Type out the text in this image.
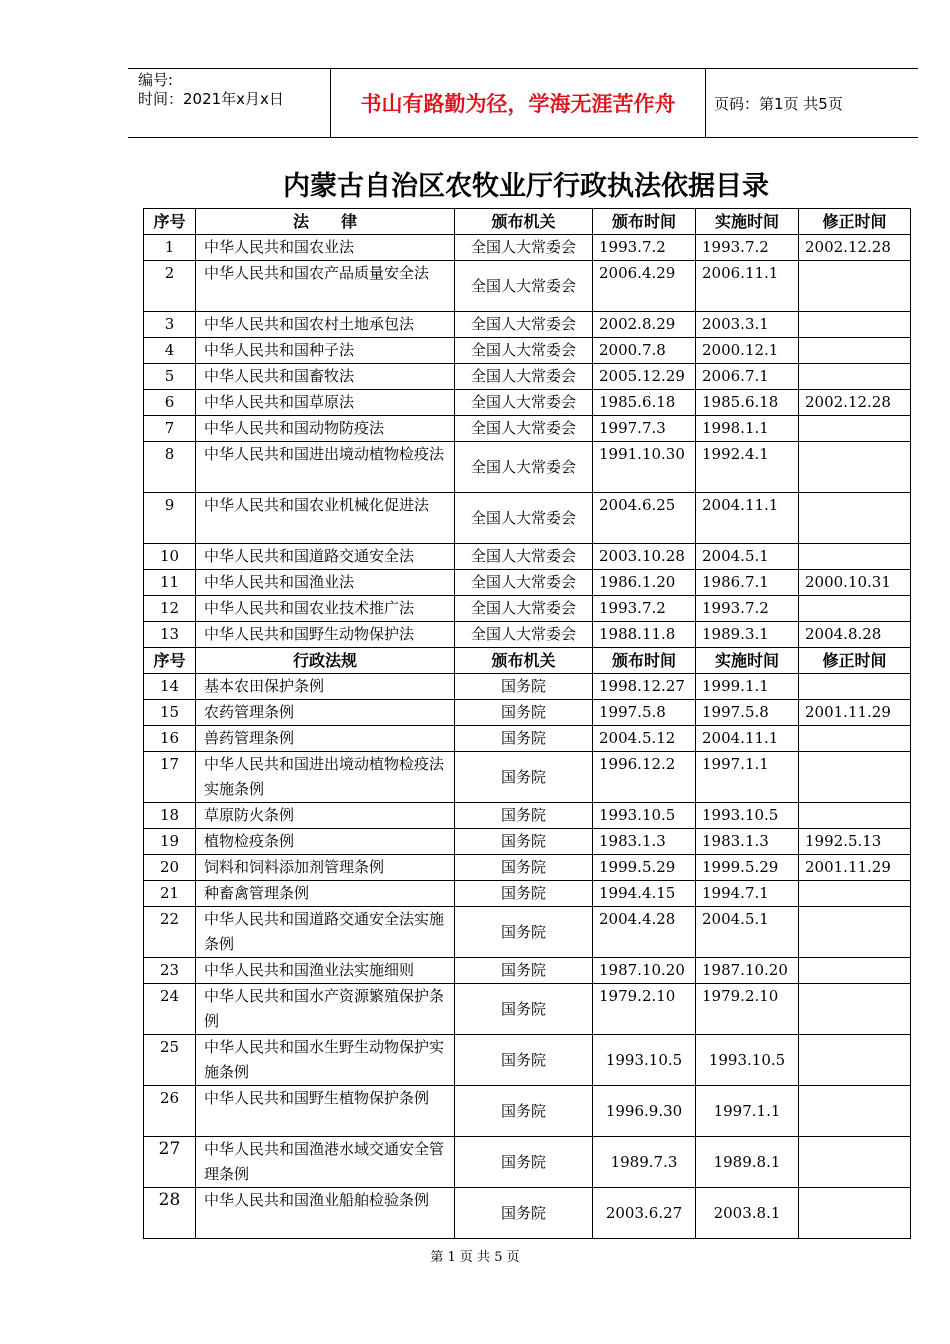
编号:
时间：2021年x月x日	书山有路勤为径，学海无涯苦作舟	页码：第1页 共5页
内蒙古自治区农牧业厅行政执法依据目录
序号	法　　律	颁布机关	颁布时间	实施时间	修正时间
1	中华人民共和国农业法	全国人大常委会	1993.7.2	1993.7.2	2002.12.28
2	中华人民共和国农产品质量安全法	全国人大常委会	2006.4.29	2006.11.1	
3	中华人民共和国农村土地承包法	全国人大常委会	2002.8.29	2003.3.1	
4	中华人民共和国种子法	全国人大常委会	2000.7.8	2000.12.1	
5	中华人民共和国畜牧法	全国人大常委会	2005.12.29	2006.7.1	
6	中华人民共和国草原法	全国人大常委会	1985.6.18	1985.6.18	2002.12.28
7	中华人民共和国动物防疫法	全国人大常委会	1997.7.3	1998.1.1	
8	中华人民共和国进出境动植物检疫法	全国人大常委会	1991.10.30	1992.4.1	
9	中华人民共和国农业机械化促进法	全国人大常委会	2004.6.25	2004.11.1	
10	中华人民共和国道路交通安全法	全国人大常委会	2003.10.28	2004.5.1	
11	中华人民共和国渔业法	全国人大常委会	1986.1.20	1986.7.1	2000.10.31
12	中华人民共和国农业技术推广法	全国人大常委会	1993.7.2	1993.7.2	
13	中华人民共和国野生动物保护法	全国人大常委会	1988.11.8	1989.3.1	2004.8.28
序号	行政法规	颁布机关	颁布时间	实施时间	修正时间
14	基本农田保护条例	国务院	1998.12.27	1999.1.1	
15	农药管理条例	国务院	1997.5.8	1997.5.8	2001.11.29
16	兽药管理条例	国务院	2004.5.12	2004.11.1	
17	中华人民共和国进出境动植物检疫法实施条例	国务院	1996.12.2	1997.1.1	
18	草原防火条例	国务院	1993.10.5	1993.10.5	
19	植物检疫条例	国务院	1983.1.3	1983.1.3	1992.5.13
20	饲料和饲料添加剂管理条例	国务院	1999.5.29	1999.5.29	2001.11.29
21	种畜禽管理条例	国务院	1994.4.15	1994.7.1	
22	中华人民共和国道路交通安全法实施条例	国务院	2004.4.28	2004.5.1	
23	中华人民共和国渔业法实施细则	国务院	1987.10.20	1987.10.20	
24	中华人民共和国水产资源繁殖保护条例	国务院	1979.2.10	1979.2.10	
25	中华人民共和国水生野生动物保护实施条例	国务院	1993.10.5	1993.10.5	
26	中华人民共和国野生植物保护条例	国务院	1996.9.30	1997.1.1	
27	中华人民共和国渔港水域交通安全管理条例	国务院	1989.7.3	1989.8.1	
28	中华人民共和国渔业船舶检验条例	国务院	2003.6.27	2003.8.1	
第 1 页 共 5 页
